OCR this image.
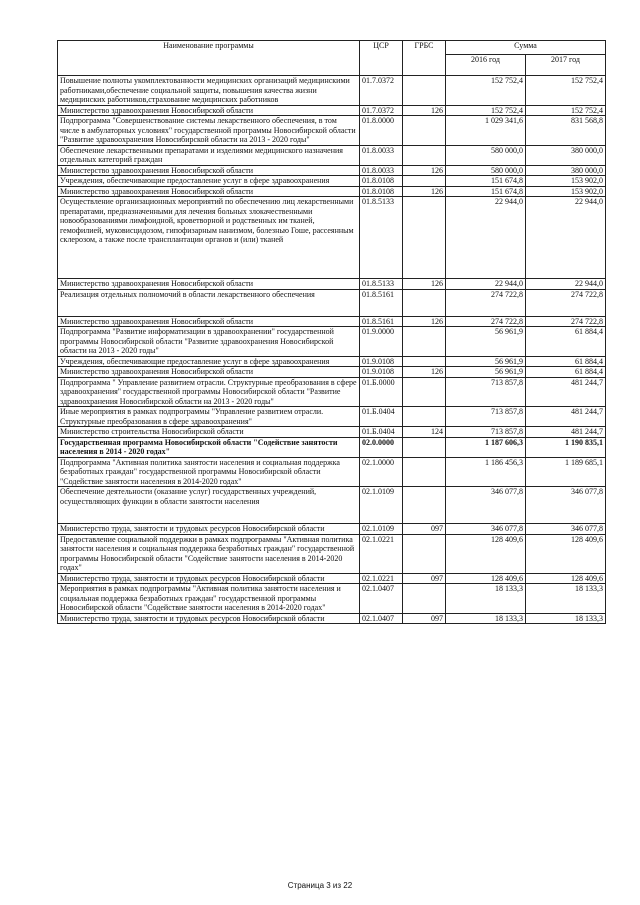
Наименование программы	ЦСР	ГРБС	Сумма	
			2016 год	2017 год
Повышение полноты укомплектованности медицинских организаций медицинскими работниками,обеспечение социальной защиты, повышения качества жизни медицинских работников,страхование медицинских работников	01.7.0372		152 752,4	152 752,4
Министерство здравоохранения Новосибирской области	01.7.0372	126	152 752,4	152 752,4
Подпрограмма "Совершенствование системы лекарственного обеспечения, в том числе в амбулаторных условиях" государственной программы Новосибирской области "Развитие здравоохранения Новосибирской области на 2013 - 2020 годы"	01.8.0000		1 029 341,6	831 568,8
Обеспечение лекарственными препаратами и изделиями медицинского назначения отдельных категорий граждан	01.8.0033		580 000,0	380 000,0
Министерство здравоохранения Новосибирской области	01.8.0033	126	580 000,0	380 000,0
Учреждения, обеспечивающие предоставление услуг в сфере здравоохранения	01.8.0108		151 674,8	153 902,0
Министерство здравоохранения Новосибирской области	01.8.0108	126	151 674,8	153 902,0
Осуществление организационных мероприятий по обеспечению лиц лекарственными препаратами, предназначенными для лечения больных злокачественными новообразованиями лимфоидной, кроветворной и родственных им тканей, гемофилией, муковисцидозом, гипофизарным нанизмом, болезнью Гоше, рассеянным склерозом, а также после трансплантации органов и (или) тканей	01.8.5133		22 944,0	22 944,0
Министерство здравоохранения Новосибирской области	01.8.5133	126	22 944,0	22 944,0
Реализация отдельных полномочий в области лекарственного обеспечения	01.8.5161		274 722,8	274 722,8
Министерство здравоохранения Новосибирской области	01.8.5161	126	274 722,8	274 722,8
Подпрограмма "Развитие информатизации в здравоохранении" государственной программы Новосибирской области "Развитие здравоохранения Новосибирской области на 2013 - 2020 годы"	01.9.0000		56 961,9	61 884,4
Учреждения, обеспечивающие предоставление услуг в сфере здравоохранения	01.9.0108		56 961,9	61 884,4
Министерство здравоохранения Новосибирской области	01.9.0108	126	56 961,9	61 884,4
Подпрограмма " Управление развитием отрасли. Структурные преобразования в сфере здравоохранения" государственной программы Новосибирской области "Развитие здравоохранения Новосибирской области на 2013 - 2020 годы"	01.Б.0000		713 857,8	481 244,7
Иные мероприятия в рамках подпрограммы "Управление развитием отрасли. Структурные преобразования в сфере здравоохранения"	01.Б.0404		713 857,8	481 244,7
Министерство строительства Новосибирской области	01.Б.0404	124	713 857,8	481 244,7
Государственная программа Новосибирской области "Содействие занятости населения в 2014 - 2020 годах"	02.0.0000		1 187 606,3	1 190 835,1
Подпрограмма "Активная политика занятости населения и социальная поддержка безработных граждан" государственной программы Новосибирской области "Содействие занятости населения в 2014-2020 годах"	02.1.0000		1 186 456,3	1 189 685,1
Обеспечение деятельности (оказание услуг) государственных учреждений, осуществляющих функции в области занятости населения	02.1.0109		346 077,8	346 077,8
Министерство труда, занятости и трудовых ресурсов Новосибирской области	02.1.0109	097	346 077,8	346 077,8
Предоставление социальной поддержки в рамках подпрограммы "Активная политика занятости населения и социальная поддержка безработных граждан" государственной программы Новосибирской области "Содействие занятости населения в 2014-2020 годах"	02.1.0221		128 409,6	128 409,6
Министерство труда, занятости и трудовых ресурсов Новосибирской области	02.1.0221	097	128 409,6	128 409,6
Мероприятия в рамках подпрограммы "Активная политика занятости населения и социальная поддержка безработных граждан" государственной программы Новосибирской области "Содействие занятости населения в 2014-2020 годах"	02.1.0407		18 133,3	18 133,3
Министерство труда, занятости и трудовых ресурсов Новосибирской области	02.1.0407	097	18 133,3	18 133,3
Страница 3 из 22
